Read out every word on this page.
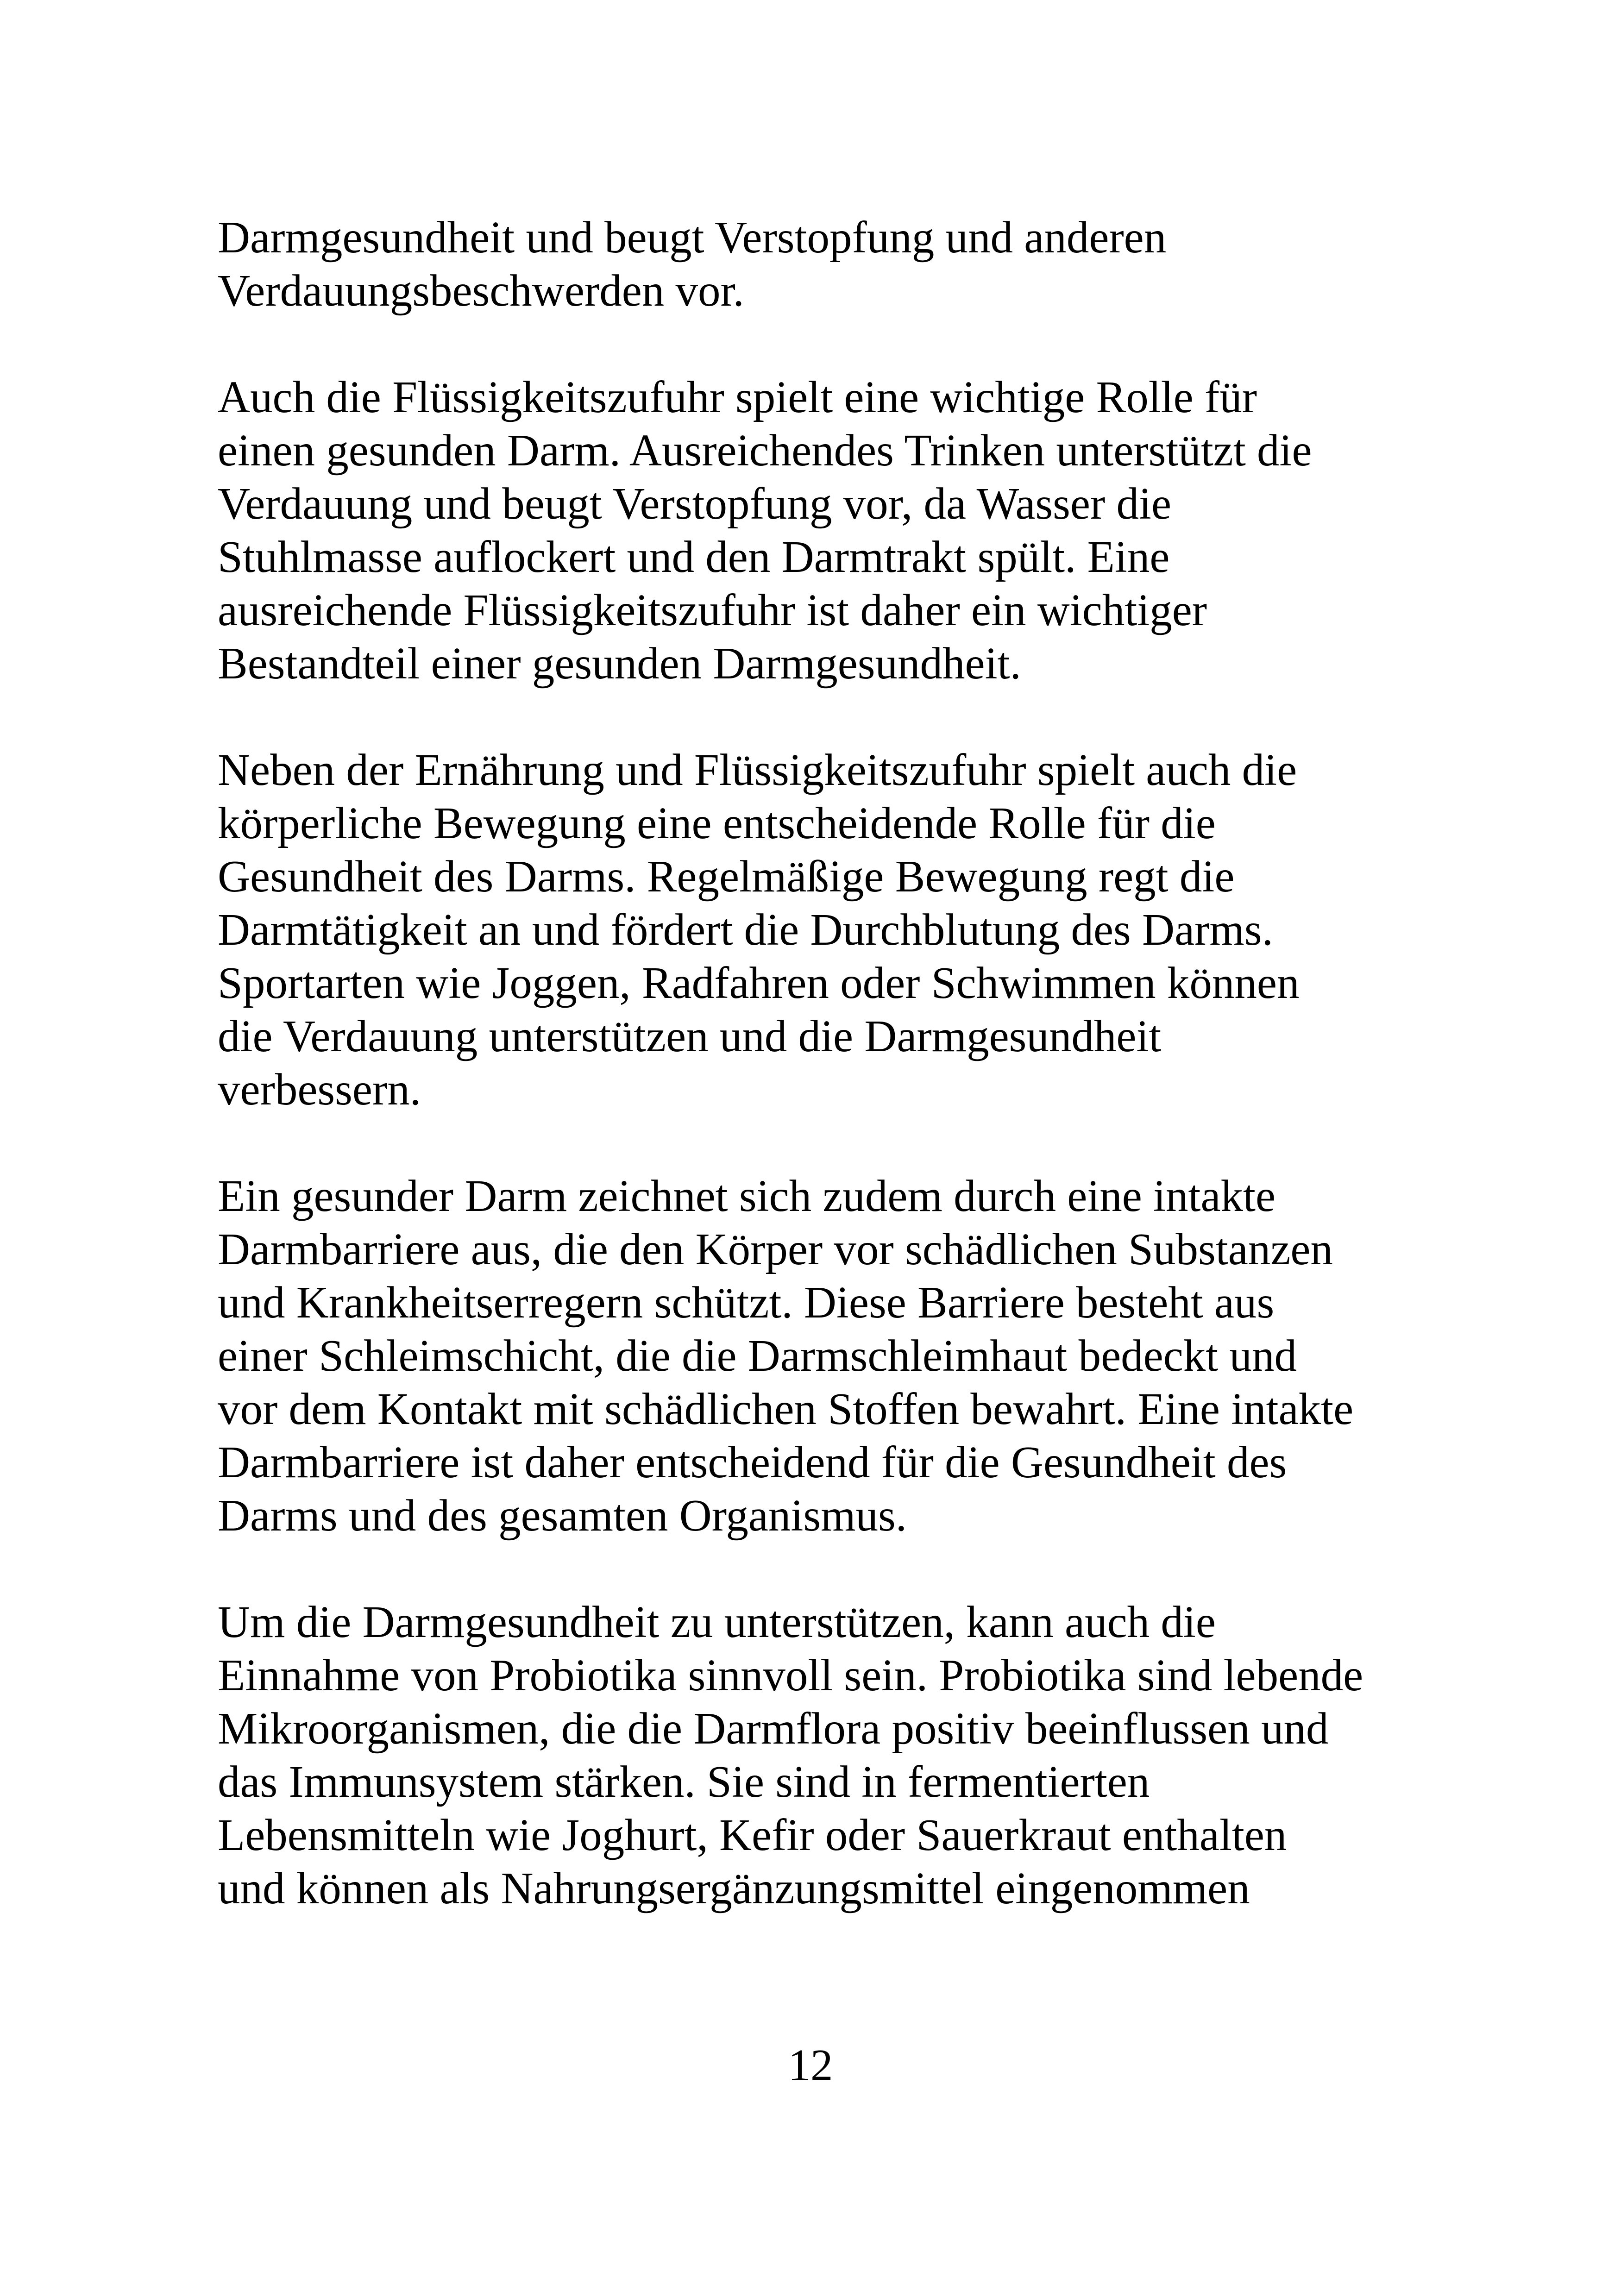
Darmgesundheit und beugt Verstopfung und anderen
Verdauungsbeschwerden vor.

Auch die Flüssigkeitszufuhr spielt eine wichtige Rolle für
einen gesunden Darm. Ausreichendes Trinken unterstützt die
Verdauung und beugt Verstopfung vor, da Wasser die
Stuhlmasse auflockert und den Darmtrakt spült. Eine
ausreichende Flüssigkeitszufuhr ist daher ein wichtiger
Bestandteil einer gesunden Darmgesundheit.

Neben der Ernährung und Flüssigkeitszufuhr spielt auch die
körperliche Bewegung eine entscheidende Rolle für die
Gesundheit des Darms. Regelmäßige Bewegung regt die
Darmtätigkeit an und fördert die Durchblutung des Darms.
Sportarten wie Joggen, Radfahren oder Schwimmen können
die Verdauung unterstützen und die Darmgesundheit
verbessern.

Ein gesunder Darm zeichnet sich zudem durch eine intakte
Darmbarriere aus, die den Körper vor schädlichen Substanzen
und Krankheitserregern schützt. Diese Barriere besteht aus
einer Schleimschicht, die die Darmschleimhaut bedeckt und
vor dem Kontakt mit schädlichen Stoffen bewahrt. Eine intakte
Darmbarriere ist daher entscheidend für die Gesundheit des
Darms und des gesamten Organismus.

Um die Darmgesundheit zu unterstützen, kann auch die
Einnahme von Probiotika sinnvoll sein. Probiotika sind lebende
Mikroorganismen, die die Darmflora positiv beeinflussen und
das Immunsystem stärken. Sie sind in fermentierten
Lebensmitteln wie Joghurt, Kefir oder Sauerkraut enthalten
und können als Nahrungsergänzungsmittel eingenommen

12
